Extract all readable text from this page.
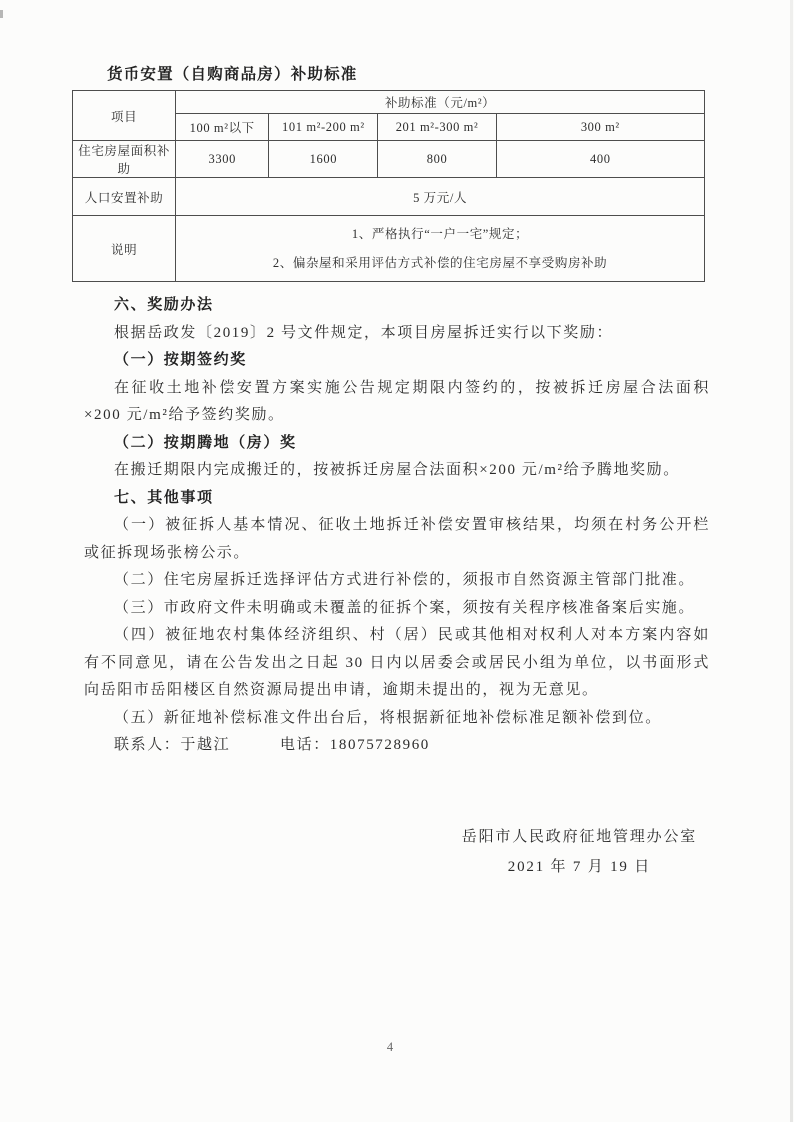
货币安置（自购商品房）补助标准
项目	补助标准（元/m²）			
	100 m²以下	101 m²-200 m²	201 m²-300 m²	300 m²
住宅房屋面积补助	3300	1600	800	400
人口安置补助	5 万元/人			
说明	1、严格执行“一户一宅”规定；
2、偏杂屋和采用评估方式补偿的住宅房屋不享受购房补助			

六、奖励办法

根据岳政发〔2019〕2 号文件规定，本项目房屋拆迁实行以下奖励：

（一）按期签约奖

在征收土地补偿安置方案实施公告规定期限内签约的，按被拆迁房屋合法面积×200 元/m²给予签约奖励。

（二）按期腾地（房）奖

在搬迁期限内完成搬迁的，按被拆迁房屋合法面积×200 元/m²给予腾地奖励。

七、其他事项

（一）被征拆人基本情况、征收土地拆迁补偿安置审核结果，均须在村务公开栏或征拆现场张榜公示。

（二）住宅房屋拆迁选择评估方式进行补偿的，须报市自然资源主管部门批准。

（三）市政府文件未明确或未覆盖的征拆个案，须按有关程序核准备案后实施。

（四）被征地农村集体经济组织、村（居）民或其他相对权利人对本方案内容如有不同意见，请在公告发出之日起 30 日内以居委会或居民小组为单位，以书面形式向岳阳市岳阳楼区自然资源局提出申请，逾期未提出的，视为无意见。

（五）新征地补偿标准文件出台后，将根据新征地补偿标准足额补偿到位。

联系人：于越江　　　电话：18075728960

岳阳市人民政府征地管理办公室
2021 年 7 月 19 日
4
